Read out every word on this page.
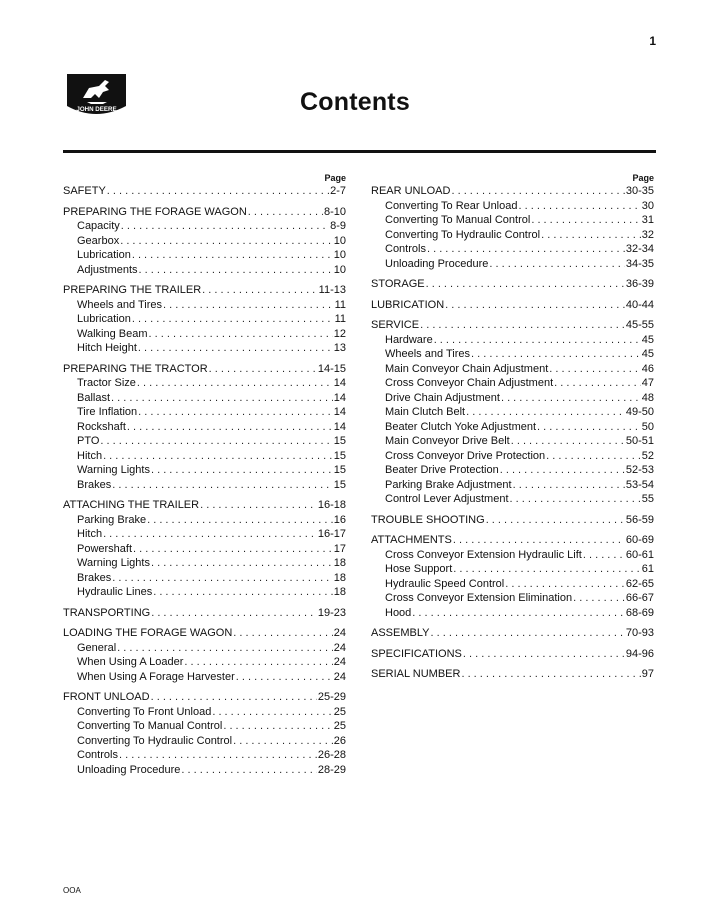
1
JOHN DEERE	Contents
Page
SAFETY . . .	2-7
PREPARING THE FORAGE WAGON . . .	8-10
Capacity . . .	8-9
Gearbox . . .	10
Lubrication . . .	10
Adjustments . . .	10
PREPARING THE TRAILER . . .	11-13
Wheels and Tires . . .	11
Lubrication . . .	11
Walking Beam . . .	12
Hitch Height . . .	13
PREPARING THE TRACTOR . . .	14-15
Tractor Size . . .	14
Ballast . . .	14
Tire Inflation . . .	14
Rockshaft . . .	14
PTO . . .	15
Hitch . . .	15
Warning Lights . . .	15
Brakes . . .	15
ATTACHING THE TRAILER . . .	16-18
Parking Brake . . .	16
Hitch . . .	16-17
Powershaft . . .	17
Warning Lights . . .	18
Brakes . . .	18
Hydraulic Lines . . .	18
TRANSPORTING . . .	19-23
LOADING THE FORAGE WAGON . . .	24
General . . .	24
When Using A Loader . . .	24
When Using A Forage Harvester . . .	24
FRONT UNLOAD . . .	25-29
Converting To Front Unload . . .	25
Converting To Manual Control . . .	25
Converting To Hydraulic Control . . .	26
Controls . . .	26-28
Unloading Procedure . . .	28-29
Page
REAR UNLOAD . . .	30-35
Converting To Rear Unload . . .	30
Converting To Manual Control . . .	31
Converting To Hydraulic Control . . .	32
Controls . . .	32-34
Unloading Procedure . . .	34-35
STORAGE . . .	36-39
LUBRICATION . . .	40-44
SERVICE . . .	45-55
Hardware . . .	45
Wheels and Tires . . .	45
Main Conveyor Chain Adjustment . . .	46
Cross Conveyor Chain Adjustment . . .	47
Drive Chain Adjustment . . .	48
Main Clutch Belt . . .	49-50
Beater Clutch Yoke Adjustment . . .	50
Main Conveyor Drive Belt . . .	50-51
Cross Conveyor Drive Protection . . .	52
Beater Drive Protection . . .	52-53
Parking Brake Adjustment . . .	53-54
Control Lever Adjustment . . .	55
TROUBLE SHOOTING . . .	56-59
ATTACHMENTS . . .	60-69
Cross Conveyor Extension Hydraulic Lift . . .	60-61
Hose Support . . .	61
Hydraulic Speed Control . . .	62-65
Cross Conveyor Extension Elimination . . .	66-67
Hood . . .	68-69
ASSEMBLY . . .	70-93
SPECIFICATIONS . . .	94-96
SERIAL NUMBER . . .	97
OOA
